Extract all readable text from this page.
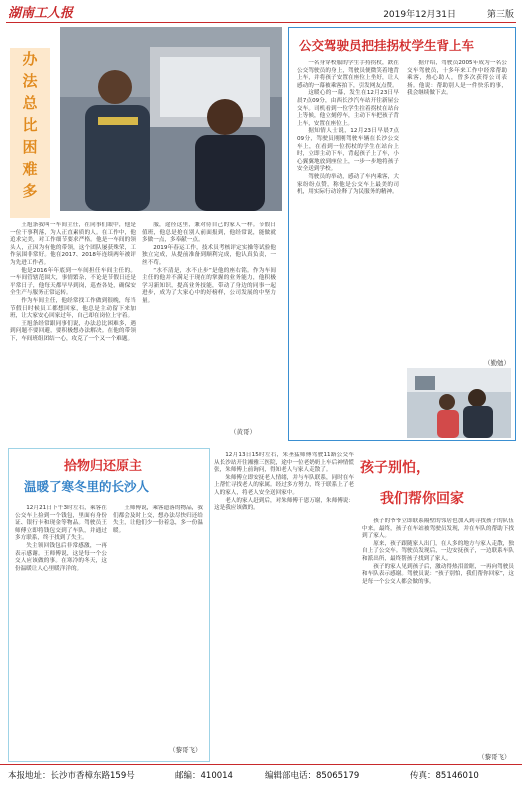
湖南工人报	2019年12月31日	第三版
办
法
总
比
困
难
多

王旭条我叫一车间主任，在同事们眼中，他是一位干事利落，为人正直素质的人。在工作中，他追求完美，对工作细节要求严格。他是一车间的领头人，正因为有他的带领，这个团队屡获殊荣，工作氛围非常好。他在2017、2018年连续两年被评为先进工作者。

他是2016年年底到一车间担任车间主任的。一车间管辖范围大，事情繁杂，不论是节假日还是平常日子，他每天都早早到岗，巡查各处，确保安全生产与服务正常运转。

作为车间主任，他经常找工作做到很晚，每当节假日时候员工都想回家，他总是主动留下来加班，让大家安心回家过年，自己却在岗位上守着。

王旭条经常跟同事们说，办法总比困难多，遇到问题不要回避，要积极想办法解决。在他的带领下，车间班组团结一心，攻克了一个又一个难题。

服，途径这里，兼对待自己的家人一样。节假日值班，他总是抢在别人前面报到，他经常说，能做就多做一点，多奉献一点。

2019年春运工作，技术员考核评定实操等试验他独立完成，从提前准备到顺利完成，他认真负责，一丝不苟。

“水不清是，水不止步”是他的座右铭。作为车间主任的他并不满足于现在的掌握的业务能力，他积极学习新知识，提高业务技能，带动了身边的同事一起进步，成为了大家心中的好榜样，公司发展的中坚力量。

（黄哥）
公交驾驶员把挂拐杖学生背上车

一名身穿校服的学生手持拐杖，跌在公交驾驶员的身上，驾驶员便微笑着地背上车，并将孩子安置在座位上坐好，让人感动的一幕被乘客拍下，引发网友点赞。

这暖心的一幕，发生在12月23日早晨7点09分，由西长沙汽车站开往新屋公交车。司机看到一位学生拄着拐杖在站台上等候，他立刻停车，主动下车把孩子背上车，安置在座位上。

据知情人士说，12月23日早晨7点09分，驾驶员刚刚驾驶车辆在长沙公交车上，在看到一位拐杖的学生在站台上时，立即主动下车，背起孩子上了车，小心翼翼地放到座位上，一步一步地将孩子安全送到学校。

驾驶员的举动，感动了车内乘客，大家纷纷点赞，称他是公交车上最美的司机，用实际行动诠释了为民服务的精神。

据介绍，驾驶员2005年成为一名公交车驾驶员，十多年来工作中经常帮助乘客，热心助人，曾多次获得公司表扬。他说：帮助别人是一件快乐的事，我会继续做下去。

（勤勉）
拾物归还原主
温暖了寒冬里的长沙人

12月21日下午3时左右，乘客在公交车上捡到一个钱包，里面有身份证、银行卡和现金等物品。驾驶员王师傅立即将钱包交到了车队，并通过多方联系，终于找到了失主。

失主领回钱包后非常感激，一再表示感谢。王师傅说，这是每一个公交人应该做的事。在寒冷的冬天，这份温暖让人心里暖洋洋的。

王师傅说，乘客遗落的物品，我们都会及时上交，想办法尽快归还给失主，让他们少一份着急，多一份温暖。

（黎哥飞）

12月13日15时左右，朱圣猛师傅驾驶11路公交车从长沙站开往湘雅三医院，途中一位老奶奶上车后神情慌张，朱师傅上前询问，得知老人与家人走散了。

朱师傅立即安抚老人情绪，并与车队联系，同时在车上帮忙寻找老人的家属。经过多方努力，终于联系上了老人的家人，将老人安全送回家中。

老人的家人赶到后，对朱师傅千恩万谢，朱师傅说：这是我应该做的。

孩子别怕，
我们帮你回家

孩子的爷爷立即联系隔壁的邻居也加入到寻找孩子的队伍中来。最终，孩子在车站被驾驶员发现，并在车队的帮助下找到了家人。

原来，孩子跟随家人出门，在人多的地方与家人走散，独自上了公交车。驾驶员发现后，一边安抚孩子，一边联系车队和派出所，最终帮孩子找到了家人。

孩子的家人见到孩子后，激动得热泪盈眶，一再向驾驶员和车队表示感谢。驾驶员说：“孩子别怕，我们帮你回家”，这是每一个公交人都会做的事。

（黎哥飞）
本报地址：长沙市香樟东路159号	邮编：410014	编辑部电话：85065179	传真：85146010
